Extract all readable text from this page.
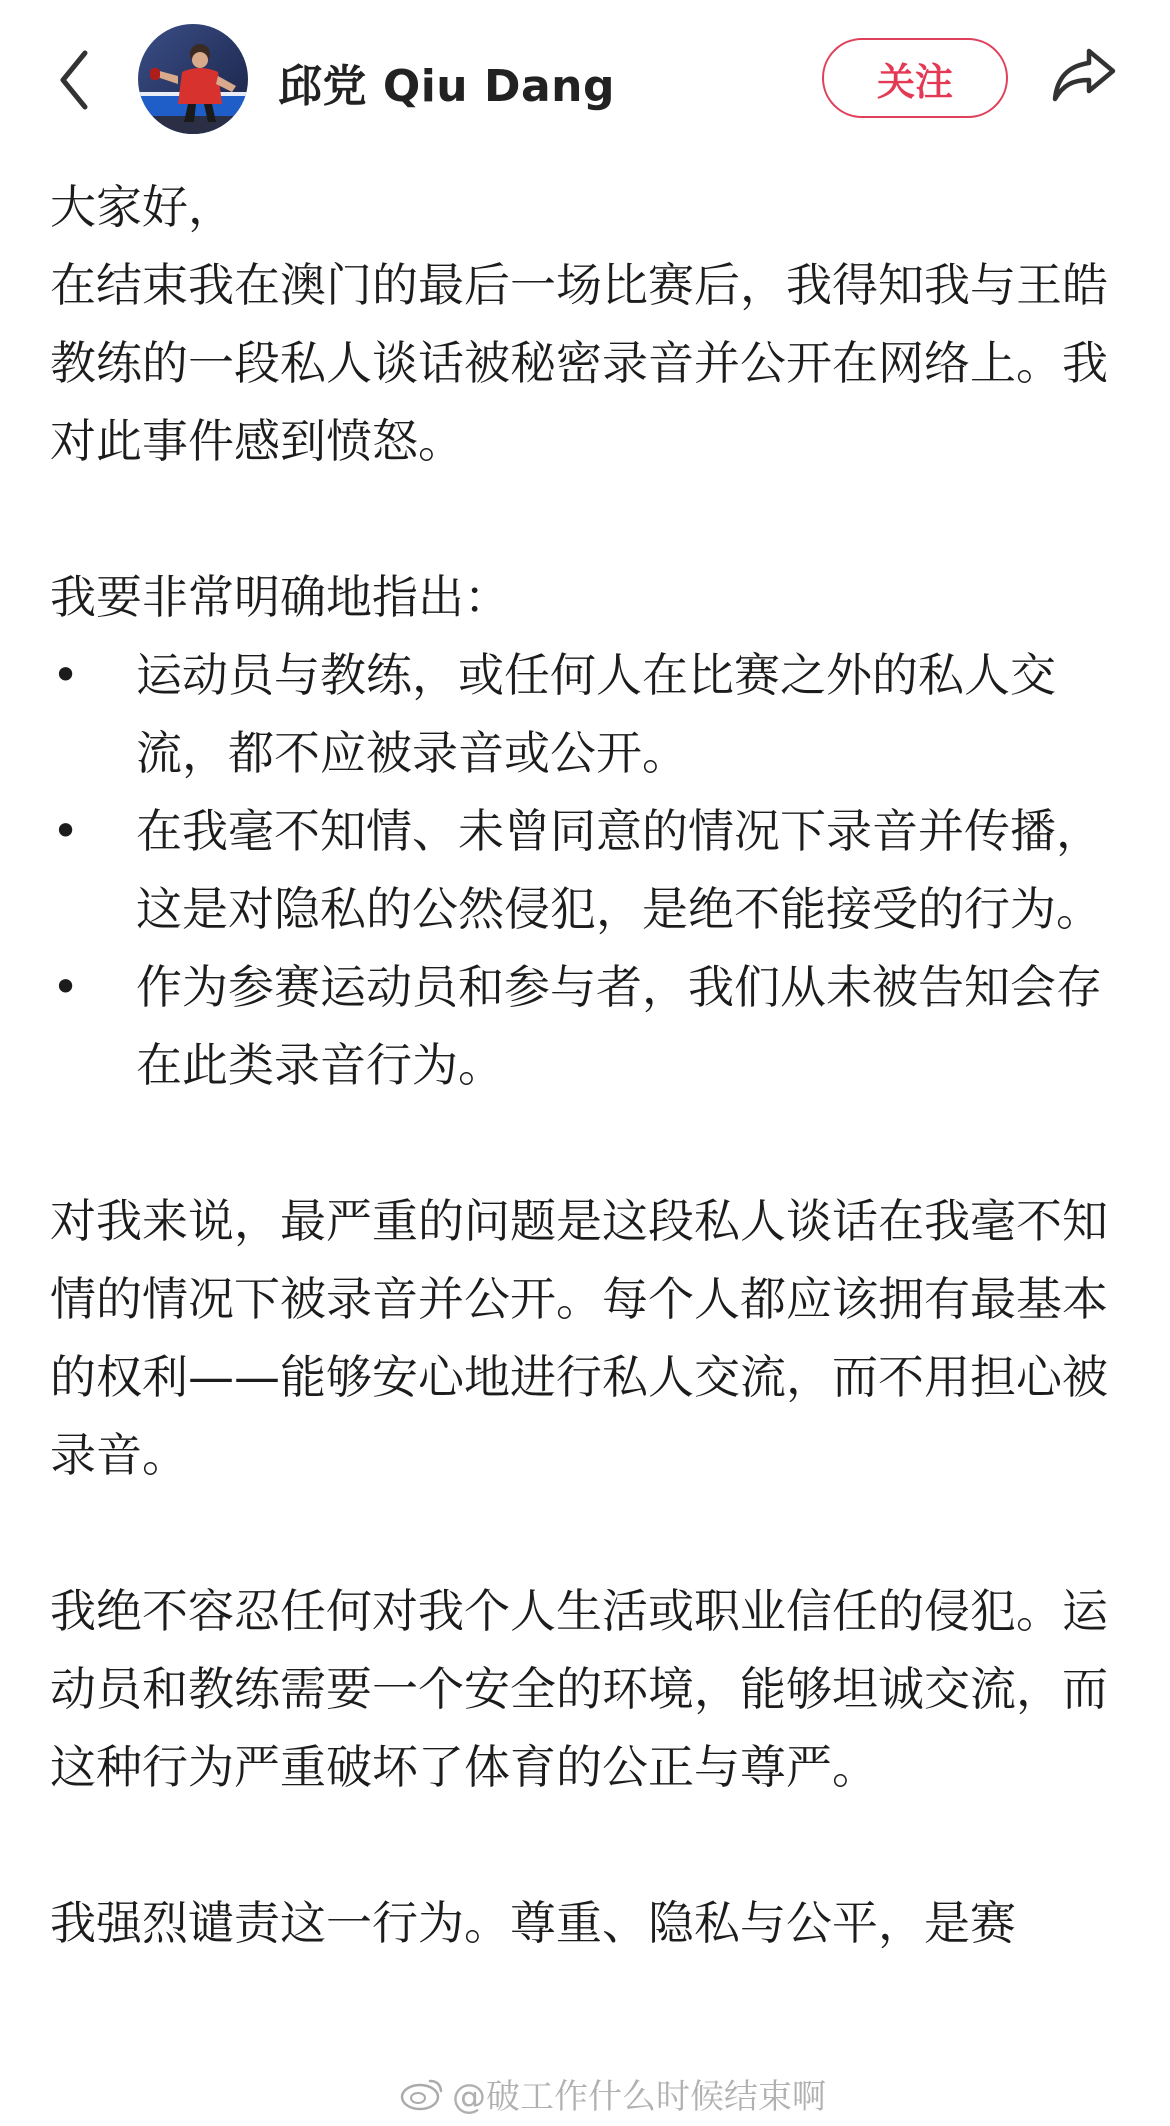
邱党 Qiu Dang	关注

大家好，

在结束我在澳门的最后一场比赛后，我得知我与王皓教练的一段私人谈话被秘密录音并公开在网络上。我对此事件感到愤怒。

我要非常明确地指出：

•	运动员与教练，或任何人在比赛之外的私人交流，都不应被录音或公开。
•	在我毫不知情、未曾同意的情况下录音并传播，这是对隐私的公然侵犯，是绝不能接受的行为。
•	作为参赛运动员和参与者，我们从未被告知会存在此类录音行为。

对我来说，最严重的问题是这段私人谈话在我毫不知情的情况下被录音并公开。每个人都应该拥有最基本的权利——能够安心地进行私人交流，而不用担心被录音。

我绝不容忍任何对我个人生活或职业信任的侵犯。运动员和教练需要一个安全的环境，能够坦诚交流，而这种行为严重破坏了体育的公正与尊严。

我强烈谴责这一行为。尊重、隐私与公平，是赛

@破工作什么时候结束啊
